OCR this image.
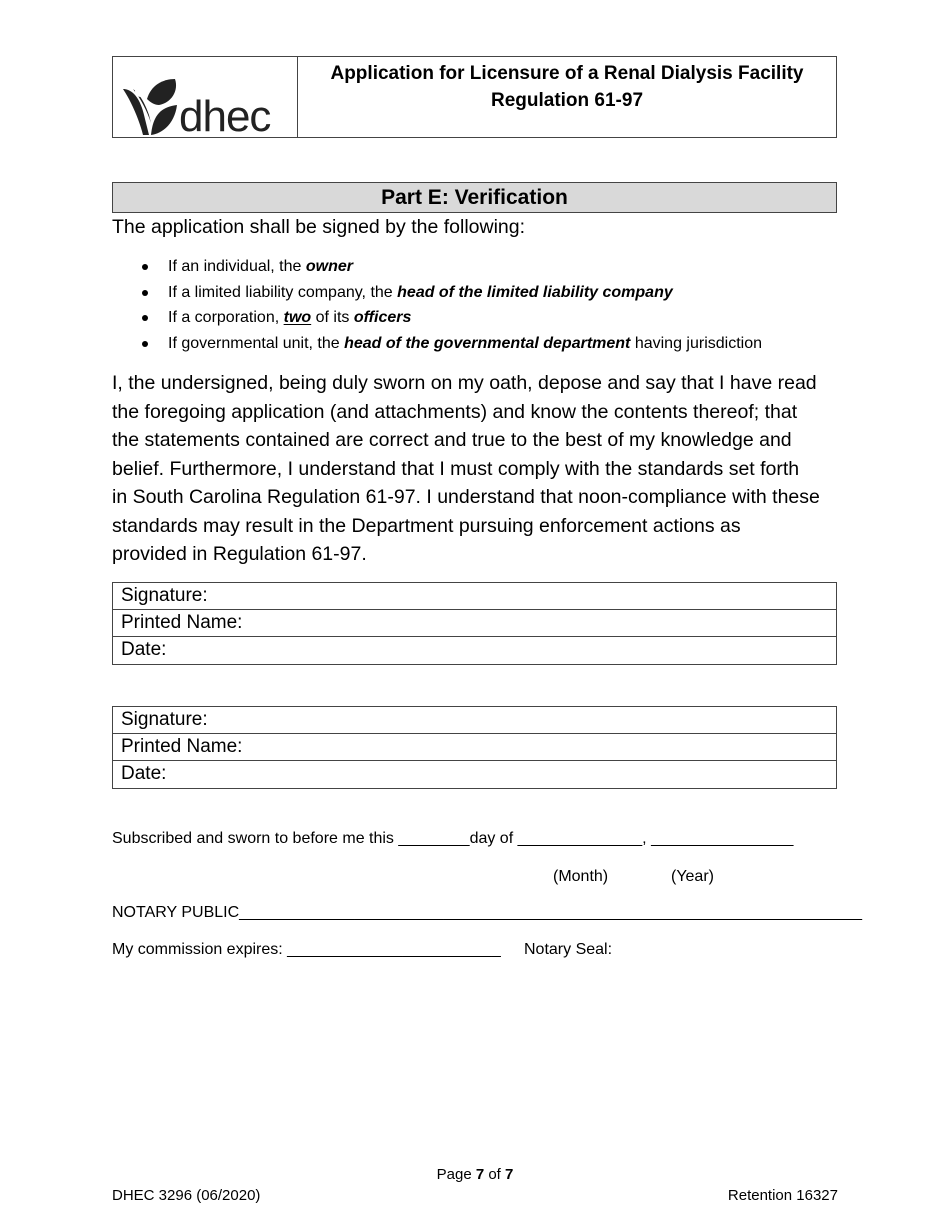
dhec
Application for Licensure of a Renal Dialysis Facility
Regulation 61-97
Part E: Verification
The application shall be signed by the following:
If an individual, the owner
If a limited liability company, the head of the limited liability company
If a corporation, two of its officers
If governmental unit, the head of the governmental department having jurisdiction
I, the undersigned, being duly sworn on my oath, depose and say that I have read
the foregoing application (and attachments) and know the contents thereof; that
the statements contained are correct and true to the best of my knowledge and
belief. Furthermore, I understand that I must comply with the standards set forth
in South Carolina Regulation 61-97. I understand that noon-compliance with these
standards may result in the Department pursuing enforcement actions as
provided in Regulation 61-97.
Signature:
Printed Name:
Date:
Signature:
Printed Name:
Date:
Subscribed and sworn to before me this ________day of ______________, ________________
(Month)	(Year)
NOTARY PUBLIC______________________________________________________________________
My commission expires: ________________________ Notary Seal:
Page 7 of 7
DHEC 3296 (06/2020)	Retention 16327
